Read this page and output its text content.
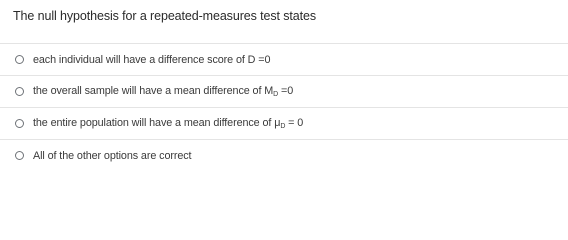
The null hypothesis for a repeated-measures test states
each individual will have a difference score of D =0
the overall sample will have a mean difference of $M_D =0$
the entire population will have a mean difference of $\mu_D = 0$
All of the other options are correct
